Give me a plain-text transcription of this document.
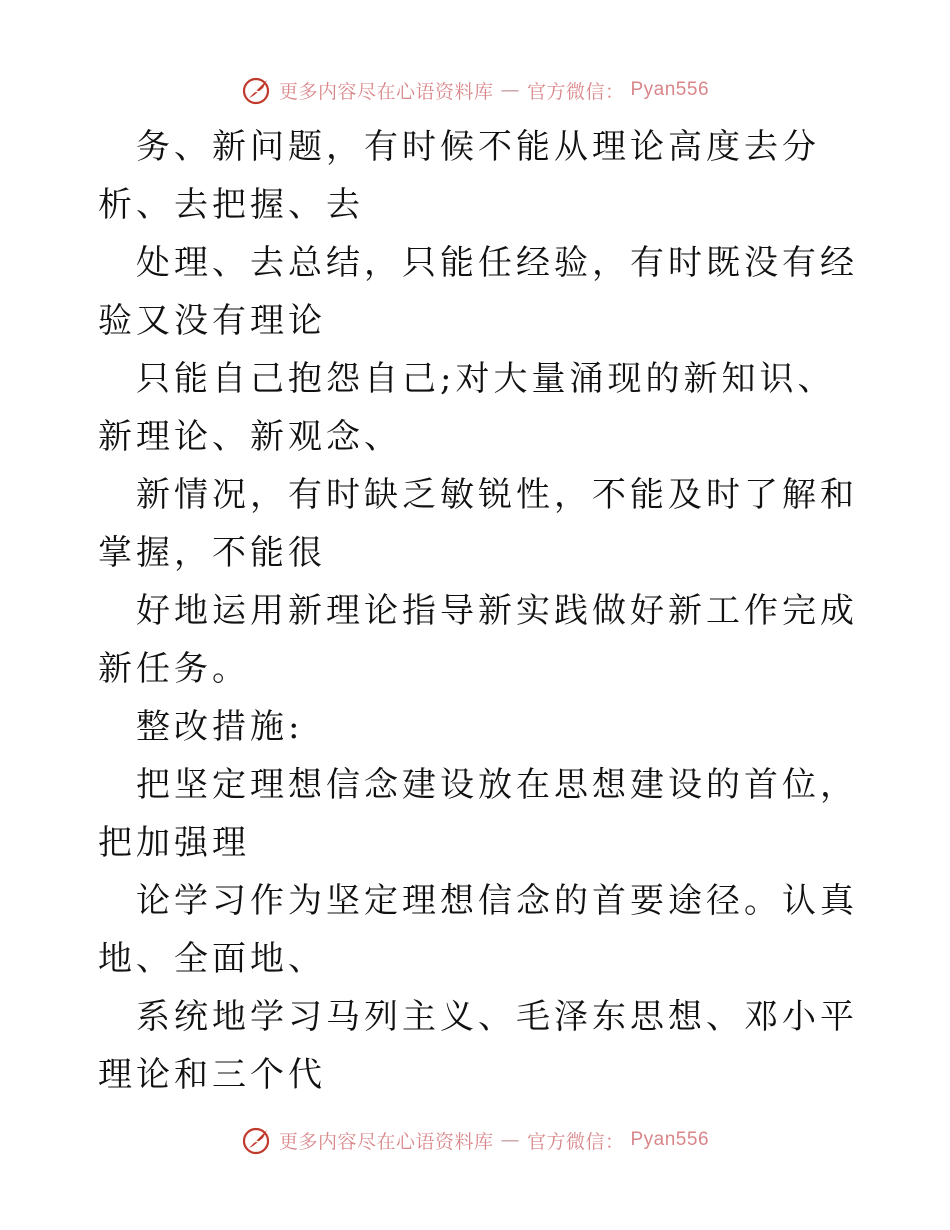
更多内容尽在心语资料库 — 官方微信： Pyan556

务、新问题，有时候不能从理论高度去分析、去把握、去

处理、去总结，只能任经验，有时既没有经验又没有理论

只能自己抱怨自己;对大量涌现的新知识、新理论、新观念、

新情况，有时缺乏敏锐性，不能及时了解和掌握，不能很

好地运用新理论指导新实践做好新工作完成新任务。

整改措施:

把坚定理想信念建设放在思想建设的首位，把加强理

论学习作为坚定理想信念的首要途径。认真地、全面地、

系统地学习马列主义、毛泽东思想、邓小平理论和三个代

更多内容尽在心语资料库 — 官方微信： Pyan556
